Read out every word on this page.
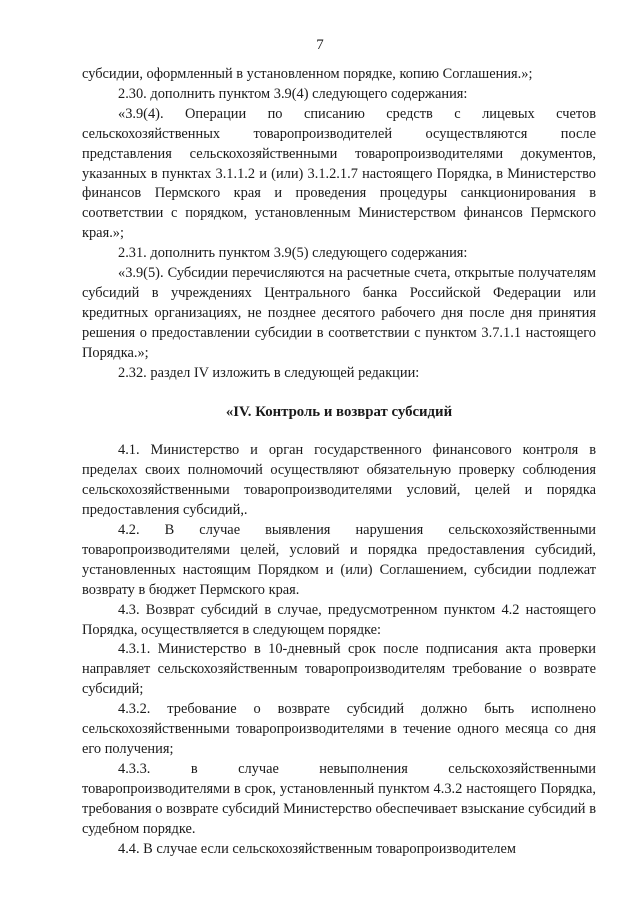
7

субсидии, оформленный в установленном порядке, копию Соглашения.»;

2.30. дополнить пунктом 3.9(4) следующего содержания:

«3.9(4). Операции по списанию средств с лицевых счетов сельскохозяйственных товаропроизводителей осуществляются после представления сельскохозяйственными товаропроизводителями документов, указанных в пунктах 3.1.1.2 и (или) 3.1.2.1.7 настоящего Порядка, в Министерство финансов Пермского края и проведения процедуры санкционирования в соответствии с порядком, установленным Министерством финансов Пермского края.»;

2.31. дополнить пунктом 3.9(5) следующего содержания:

«3.9(5). Субсидии перечисляются на расчетные счета, открытые получателям субсидий в учреждениях Центрального банка Российской Федерации или кредитных организациях, не позднее десятого рабочего дня после дня принятия решения о предоставлении субсидии в соответствии с пунктом 3.7.1.1 настоящего Порядка.»;

2.32. раздел IV изложить в следующей редакции:

«IV. Контроль и возврат субсидий

4.1. Министерство и орган государственного финансового контроля в пределах своих полномочий осуществляют обязательную проверку соблюдения сельскохозяйственными товаропроизводителями условий, целей и порядка предоставления субсидий,.

4.2. В случае выявления нарушения сельскохозяйственными товаропроизводителями целей, условий и порядка предоставления субсидий, установленных настоящим Порядком и (или) Соглашением, субсидии подлежат возврату в бюджет Пермского края.

4.3. Возврат субсидий в случае, предусмотренном пунктом 4.2 настоящего Порядка, осуществляется в следующем порядке:

4.3.1. Министерство в 10-дневный срок после подписания акта проверки направляет сельскохозяйственным товаропроизводителям требование о возврате субсидий;

4.3.2. требование о возврате субсидий должно быть исполнено сельскохозяйственными товаропроизводителями в течение одного месяца со дня его получения;

4.3.3. в случае невыполнения сельскохозяйственными товаропроизводителями в срок, установленный пунктом 4.3.2 настоящего Порядка, требования о возврате субсидий Министерство обеспечивает взыскание субсидий в судебном порядке.

4.4. В случае если сельскохозяйственным товаропроизводителем
